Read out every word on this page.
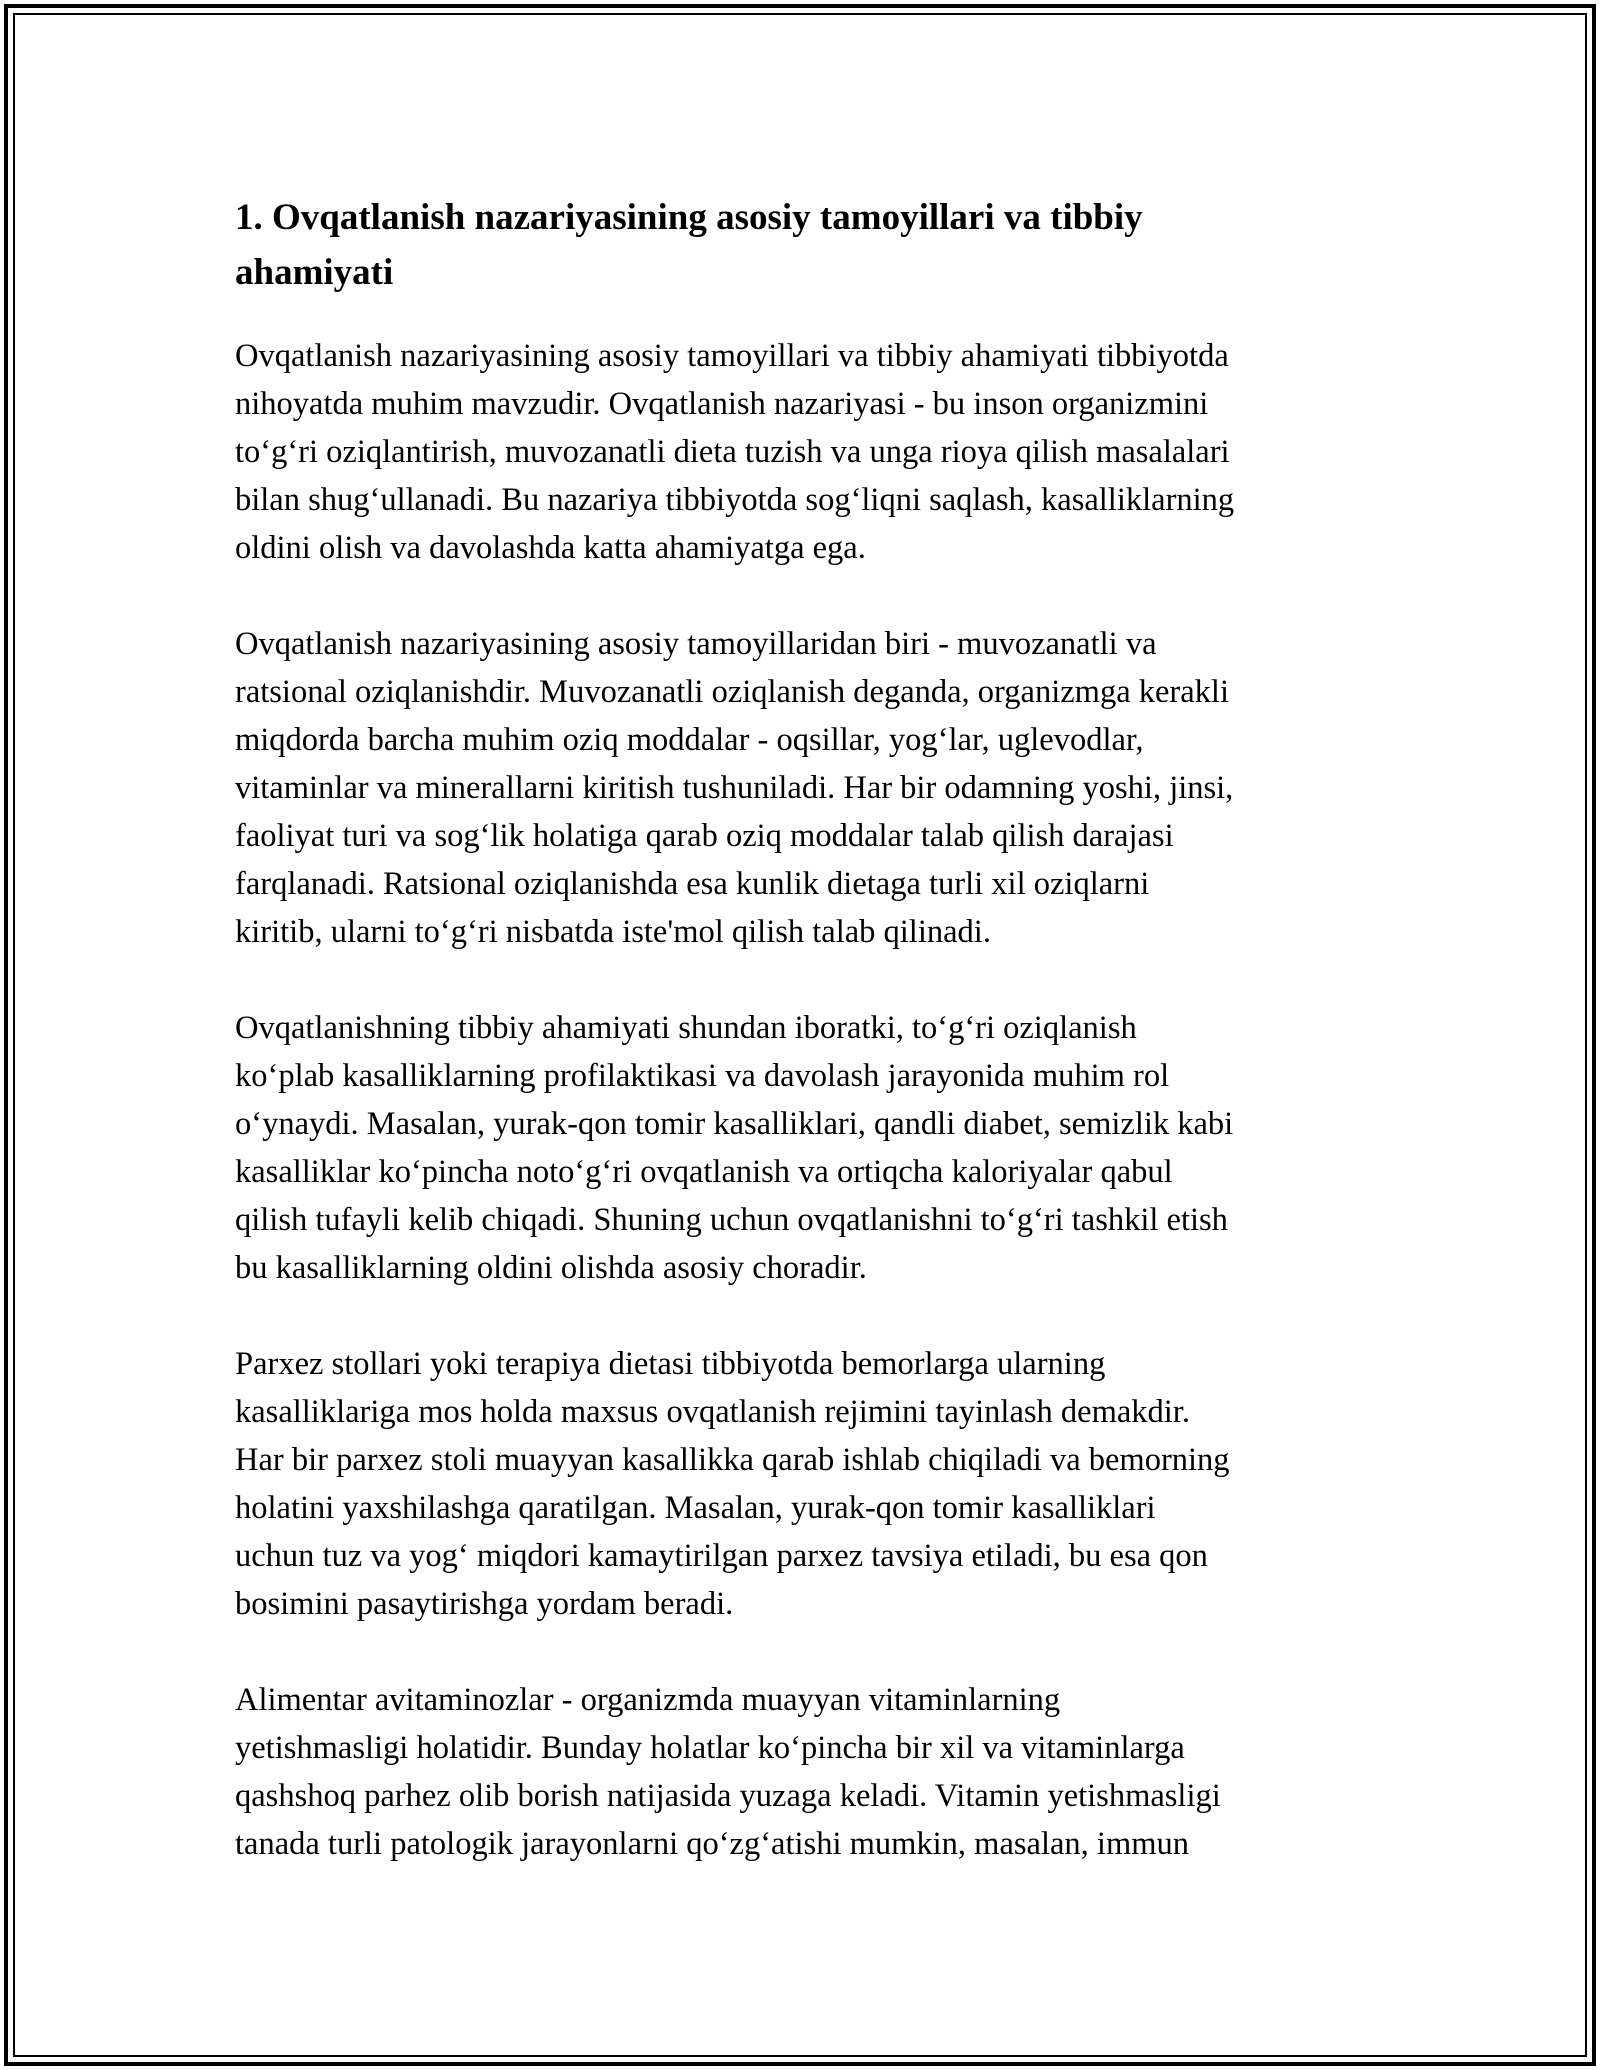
1. Ovqatlanish nazariyasining asosiy tamoyillari va tibbiy
ahamiyati

Ovqatlanish nazariyasining asosiy tamoyillari va tibbiy ahamiyati tibbiyotda
nihoyatda muhim mavzudir. Ovqatlanish nazariyasi - bu inson organizmini
to‘g‘ri oziqlantirish, muvozanatli dieta tuzish va unga rioya qilish masalalari
bilan shug‘ullanadi. Bu nazariya tibbiyotda sog‘liqni saqlash, kasalliklarning
oldini olish va davolashda katta ahamiyatga ega.

Ovqatlanish nazariyasining asosiy tamoyillaridan biri - muvozanatli va
ratsional oziqlanishdir. Muvozanatli oziqlanish deganda, organizmga kerakli
miqdorda barcha muhim oziq moddalar - oqsillar, yog‘lar, uglevodlar,
vitaminlar va minerallarni kiritish tushuniladi. Har bir odamning yoshi, jinsi,
faoliyat turi va sog‘lik holatiga qarab oziq moddalar talab qilish darajasi
farqlanadi. Ratsional oziqlanishda esa kunlik dietaga turli xil oziqlarni
kiritib, ularni to‘g‘ri nisbatda iste'mol qilish talab qilinadi.

Ovqatlanishning tibbiy ahamiyati shundan iboratki, to‘g‘ri oziqlanish
ko‘plab kasalliklarning profilaktikasi va davolash jarayonida muhim rol
o‘ynaydi. Masalan, yurak-qon tomir kasalliklari, qandli diabet, semizlik kabi
kasalliklar ko‘pincha noto‘g‘ri ovqatlanish va ortiqcha kaloriyalar qabul
qilish tufayli kelib chiqadi. Shuning uchun ovqatlanishni to‘g‘ri tashkil etish
bu kasalliklarning oldini olishda asosiy choradir.

Parxez stollari yoki terapiya dietasi tibbiyotda bemorlarga ularning
kasalliklariga mos holda maxsus ovqatlanish rejimini tayinlash demakdir.
Har bir parxez stoli muayyan kasallikka qarab ishlab chiqiladi va bemorning
holatini yaxshilashga qaratilgan. Masalan, yurak-qon tomir kasalliklari
uchun tuz va yog‘ miqdori kamaytirilgan parxez tavsiya etiladi, bu esa qon
bosimini pasaytirishga yordam beradi.

Alimentar avitaminozlar - organizmda muayyan vitaminlarning
yetishmasligi holatidir. Bunday holatlar ko‘pincha bir xil va vitaminlarga
qashshoq parhez olib borish natijasida yuzaga keladi. Vitamin yetishmasligi
tanada turli patologik jarayonlarni qo‘zg‘atishi mumkin, masalan, immun
